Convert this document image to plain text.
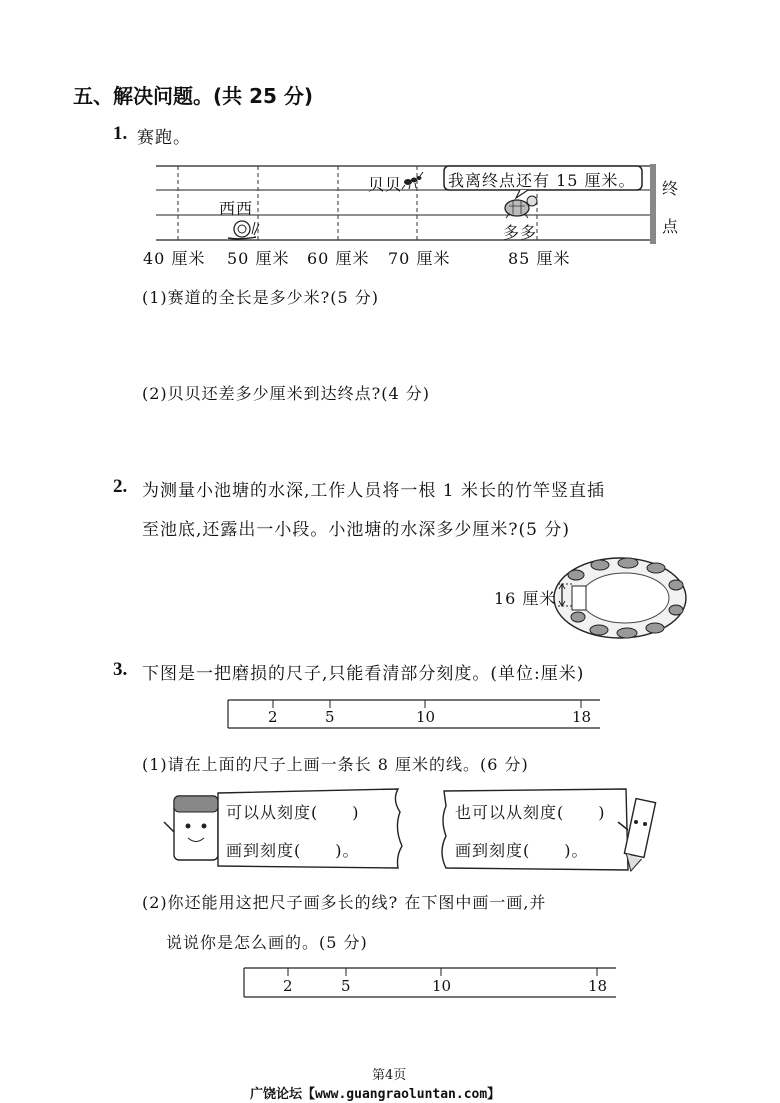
五、解决问题。(共 25 分)
1. 赛跑。
我离终点还有 15 厘米。
贝贝
西西
多多
终
点
40 厘米 50 厘米 60 厘米 70 厘米	85 厘米
(1)赛道的全长是多少米?(5 分)
(2)贝贝还差多少厘米到达终点?(4 分)
2. 为测量小池塘的水深,工作人员将一根 1 米长的竹竿竖直插
至池底,还露出一小段。小池塘的水深多少厘米?(5 分)
16 厘米
3. 下图是一把磨损的尺子,只能看清部分刻度。(单位:厘米)
2	5	10	18
(1)请在上面的尺子上画一条长 8 厘米的线。(6 分)
可以从刻度(　　)
画到刻度(　　)。
也可以从刻度(　　)
画到刻度(　　)。
(2)你还能用这把尺子画多长的线? 在下图中画一画,并
说说你是怎么画的。(5 分)
2	5	10	18
第4页
广饶论坛【www.guangraoluntan.com】
